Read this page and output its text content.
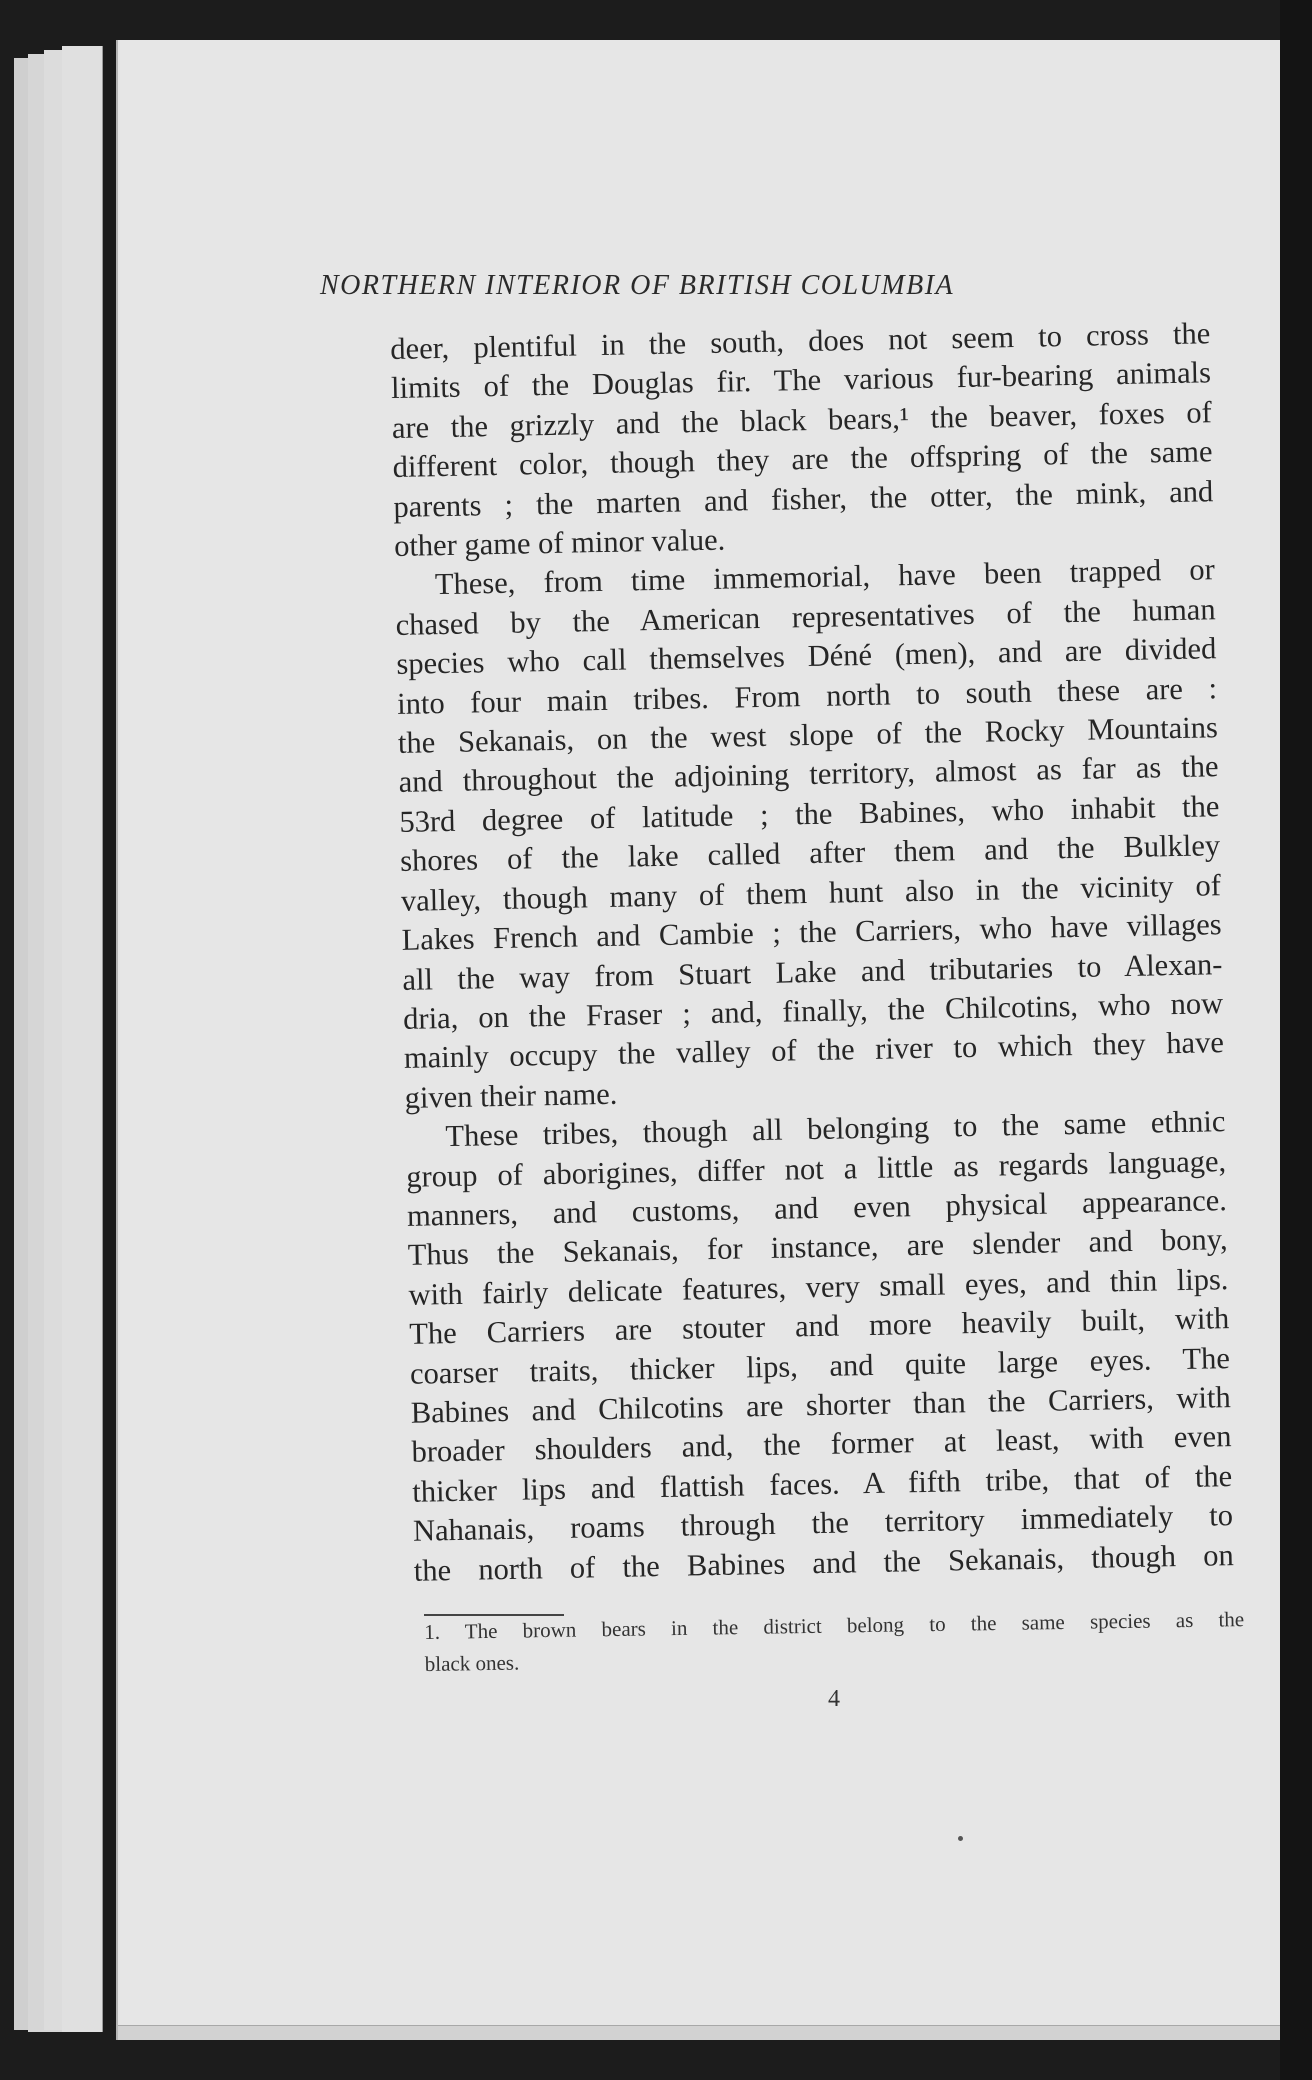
NORTHERN INTERIOR OF BRITISH COLUMBIA

deer, plentiful in the south, does not seem to cross the
limits of the Douglas fir. The various fur-bearing animals
are the grizzly and the black bears,¹ the beaver, foxes of
different color, though they are the offspring of the same
parents ; the marten and fisher, the otter, the mink, and
other game of minor value.

These, from time immemorial, have been trapped or
chased by the American representatives of the human
species who call themselves Déné (men), and are divided
into four main tribes. From north to south these are :
the Sekanais, on the west slope of the Rocky Mountains
and throughout the adjoining territory, almost as far as the
53rd degree of latitude ; the Babines, who inhabit the
shores of the lake called after them and the Bulkley
valley, though many of them hunt also in the vicinity of
Lakes French and Cambie ; the Carriers, who have villages
all the way from Stuart Lake and tributaries to Alexan-
dria, on the Fraser ; and, finally, the Chilcotins, who now
mainly occupy the valley of the river to which they have
given their name.

These tribes, though all belonging to the same ethnic
group of aborigines, differ not a little as regards language,
manners, and customs, and even physical appearance.
Thus the Sekanais, for instance, are slender and bony,
with fairly delicate features, very small eyes, and thin lips.
The Carriers are stouter and more heavily built, with
coarser traits, thicker lips, and quite large eyes. The
Babines and Chilcotins are shorter than the Carriers, with
broader shoulders and, the former at least, with even
thicker lips and flattish faces. A fifth tribe, that of the
Nahanais, roams through the territory immediately to
the north of the Babines and the Sekanais, though on

1. The brown bears in the district belong to the same species as the
black ones.
4
